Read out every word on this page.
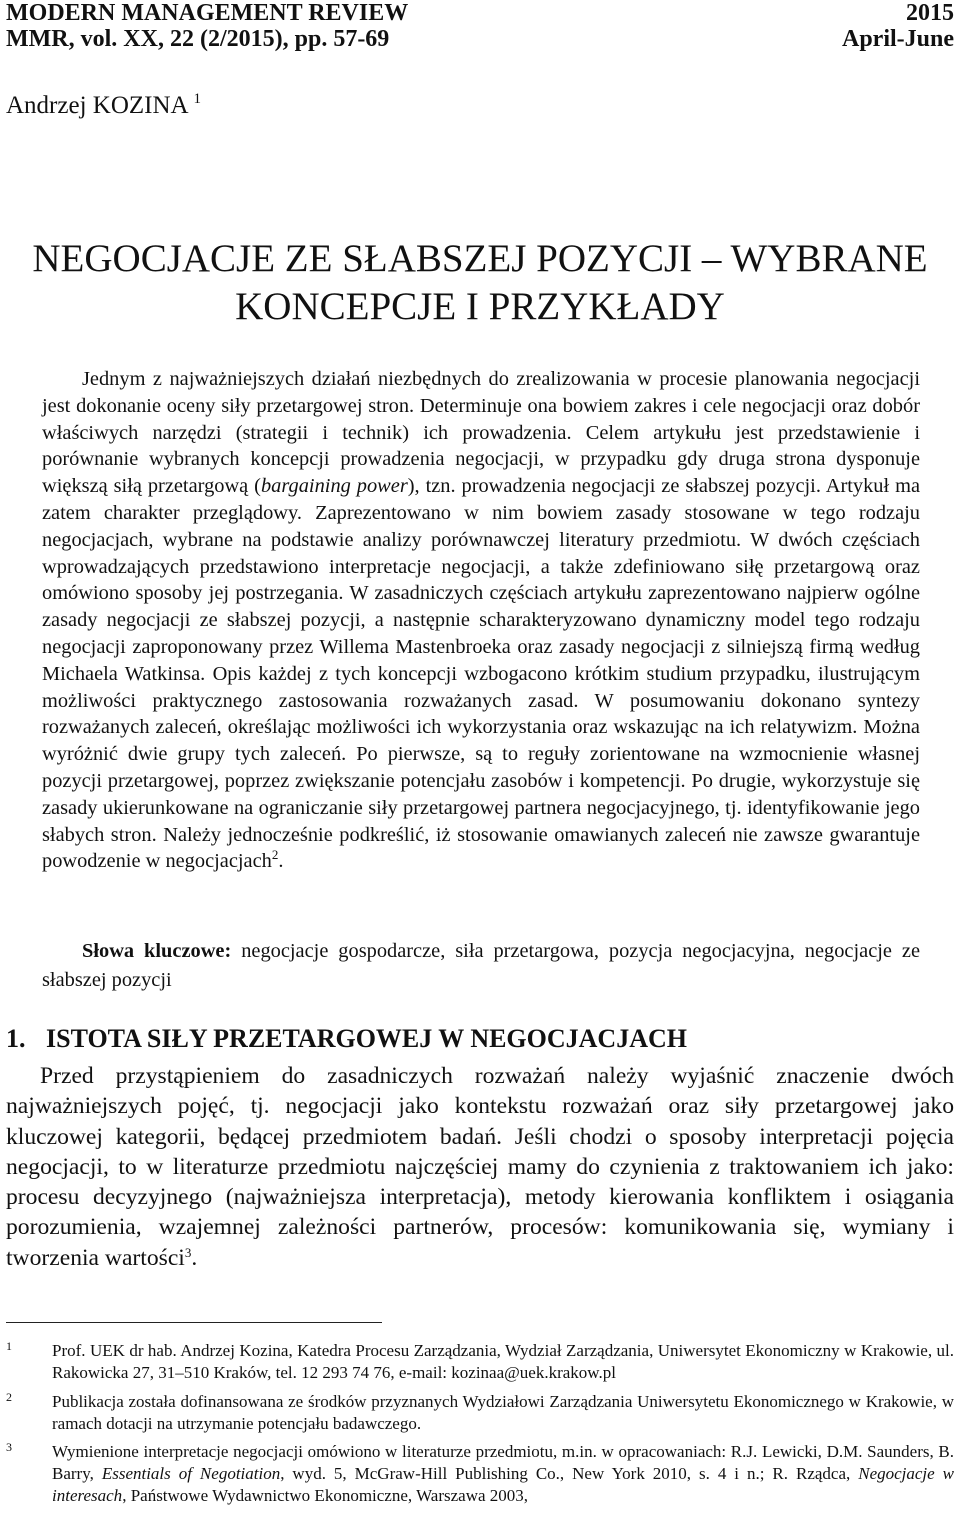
MODERN MANAGEMENT REVIEW	2015
MMR, vol. XX, 22 (2/2015), pp. 57-69	April-June
Andrzej KOZINA $^1$
NEGOCJACJE ZE SŁABSZEJ POZYCJI – WYBRANE
KONCEPCJE I PRZYKŁADY
Jednym z najważniejszych działań niezbędnych do zrealizowania w procesie planowania negocjacji jest dokonanie oceny siły przetargowej stron. Determinuje ona bowiem zakres i cele negocjacji oraz dobór właściwych narzędzi (strategii i technik) ich prowadzenia. Celem artykułu jest przedstawienie i porównanie wybranych koncepcji prowadzenia negocjacji, w przypadku gdy druga strona dysponuje większą siłą przetargową (bargaining power), tzn. prowadzenia negocjacji ze słabszej pozycji. Artykuł ma zatem charakter przeglądowy. Zaprezentowano w nim bowiem zasady stosowane w tego rodzaju negocjacjach, wybrane na podstawie analizy porównawczej literatury przedmiotu. W dwóch częściach wprowadzających przedstawiono interpretacje negocjacji, a także zdefiniowano siłę przetargową oraz omówiono sposoby jej postrzegania. W zasadniczych częściach artykułu zaprezentowano najpierw ogólne zasady negocjacji ze słabszej pozycji, a następnie scharakteryzowano dynamiczny model tego rodzaju negocjacji zaproponowany przez Willema Mastenbroeka oraz zasady negocjacji z silniejszą firmą według Michaela Watkinsa. Opis każdej z tych koncepcji wzbogacono krótkim studium przypadku, ilustrującym możliwości praktycznego zastosowania rozważanych zasad. W posumowaniu dokonano syntezy rozważanych zaleceń, określając możliwości ich wykorzystania oraz wskazując na ich relatywizm. Można wyróżnić dwie grupy tych zaleceń. Po pierwsze, są to reguły zorientowane na wzmocnienie własnej pozycji przetargowej, poprzez zwiększanie potencjału zasobów i kompetencji. Po drugie, wykorzystuje się zasady ukierunkowane na ograniczanie siły przetargowej partnera negocjacyjnego, tj. identyfikowanie jego słabych stron. Należy jednocześnie podkreślić, iż stosowanie omawianych zaleceń nie zawsze gwarantuje powodzenie w negocjacjach$^2$.
Słowa kluczowe: negocjacje gospodarcze, siła przetargowa, pozycja negocjacyjna, negocjacje ze słabszej pozycji
1. ISTOTA SIŁY PRZETARGOWEJ W NEGOCJACJACH
Przed przystąpieniem do zasadniczych rozważań należy wyjaśnić znaczenie dwóch najważniejszych pojęć, tj. negocjacji jako kontekstu rozważań oraz siły przetargowej jako kluczowej kategorii, będącej przedmiotem badań. Jeśli chodzi o sposoby interpretacji pojęcia negocjacji, to w literaturze przedmiotu najczęściej mamy do czynienia z traktowaniem ich jako: procesu decyzyjnego (najważniejsza interpretacja), metody kierowania konfliktem i osiągania porozumienia, wzajemnej zależności partnerów, procesów: komunikowania się, wymiany i tworzenia wartości$^3$.
1 Prof. UEK dr hab. Andrzej Kozina, Katedra Procesu Zarządzania, Wydział Zarządzania, Uniwersytet Ekonomiczny w Krakowie, ul. Rakowicka 27, 31–510 Kraków, tel. 12 293 74 76, e-mail: kozinaa@uek.krakow.pl
2 Publikacja została dofinansowana ze środków przyznanych Wydziałowi Zarządzania Uniwersytetu Ekonomicznego w Krakowie, w ramach dotacji na utrzymanie potencjału badawczego.
3 Wymienione interpretacje negocjacji omówiono w literaturze przedmiotu, m.in. w opracowaniach: R.J. Lewicki, D.M. Saunders, B. Barry, Essentials of Negotiation, wyd. 5, McGraw-Hill Publishing Co., New York 2010, s. 4 i n.; R. Rządca, Negocjacje w interesach, Państwowe Wydawnictwo Ekonomiczne, Warszawa 2003,
